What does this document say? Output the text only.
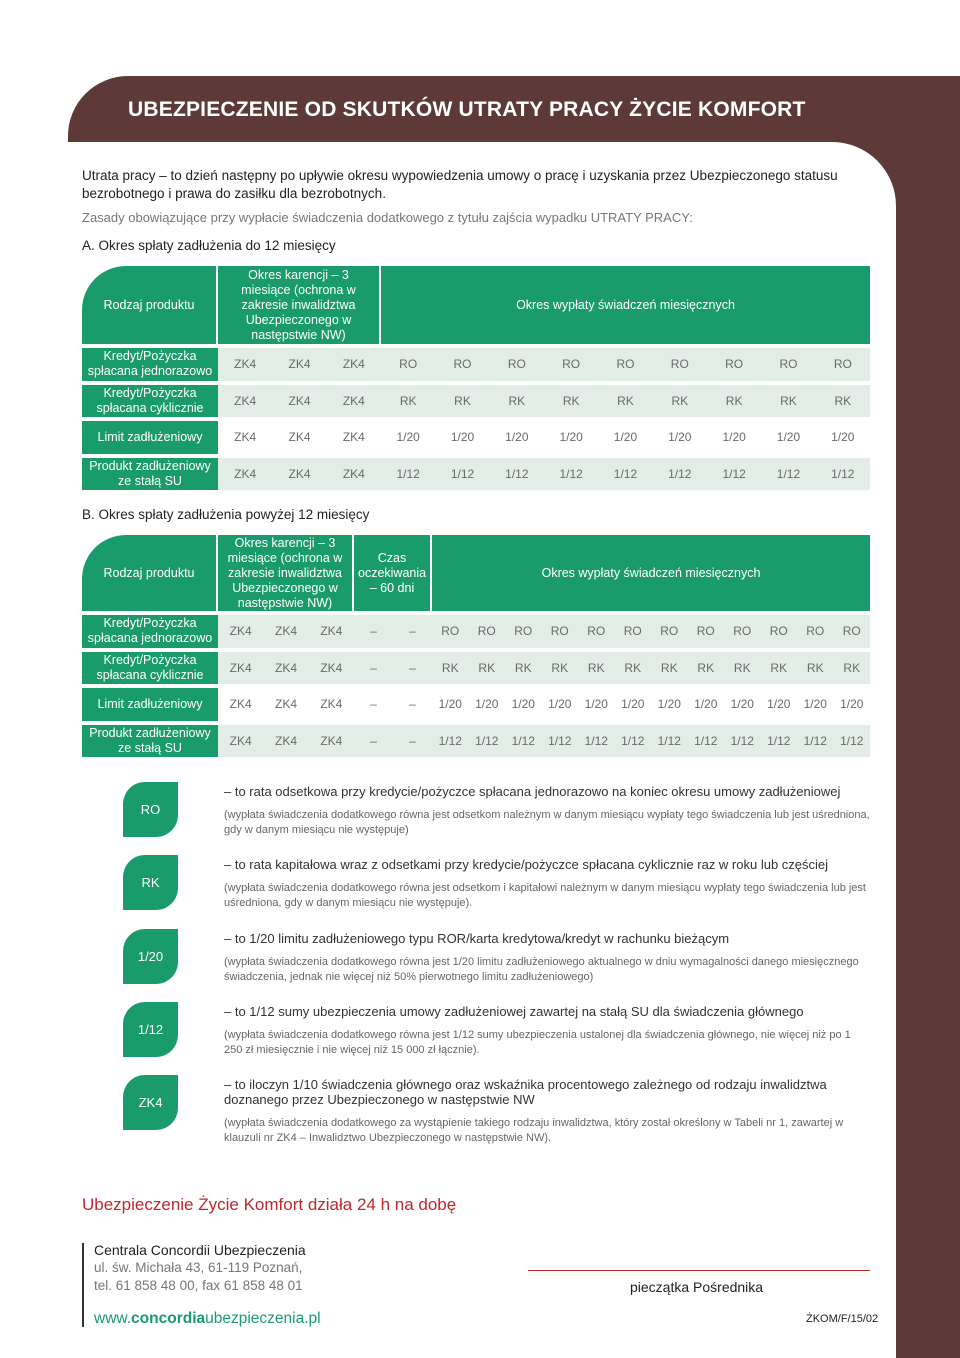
UBEZPIECZENIE OD SKUTKÓW UTRATY PRACY ŻYCIE KOMFORT
Utrata pracy – to dzień następny po upływie okresu wypowiedzenia umowy o pracę i uzyskania przez Ubezpieczonego statusu bezrobotnego i prawa do zasiłku dla bezrobotnych.
Zasady obowiązujące przy wypłacie świadczenia dodatkowego z tytułu zajścia wypadku UTRATY PRACY:
A. Okres spłaty zadłużenia do 12 miesięcy
Rodzaj produktu	Okres karencji – 3 miesiące (ochrona w zakresie inwalidztwa Ubezpieczonego w następstwie NW)			Okres wypłaty świadczeń miesięcznych								
Kredyt/Pożyczka spłacana jednorazowo	ZK4	ZK4	ZK4	RO	RO	RO	RO	RO	RO	RO	RO	RO
Kredyt/Pożyczka spłacana cyklicznie	ZK4	ZK4	ZK4	RK	RK	RK	RK	RK	RK	RK	RK	RK
Limit zadłużeniowy	ZK4	ZK4	ZK4	1/20	1/20	1/20	1/20	1/20	1/20	1/20	1/20	1/20
Produkt zadłużeniowy ze stałą SU	ZK4	ZK4	ZK4	1/12	1/12	1/12	1/12	1/12	1/12	1/12	1/12	1/12
B. Okres spłaty zadłużenia powyżej 12 miesięcy
Rodzaj produktu	Okres karencji – 3 miesiące (ochrona w zakresie inwalidztwa Ubezpieczonego w następstwie NW)			Czas oczekiwania – 60 dni		Okres wypłaty świadczeń miesięcznych											
Kredyt/Pożyczka spłacana jednorazowo	ZK4	ZK4	ZK4	–	–	RO	RO	RO	RO	RO	RO	RO	RO	RO	RO	RO	RO
Kredyt/Pożyczka spłacana cyklicznie	ZK4	ZK4	ZK4	–	–	RK	RK	RK	RK	RK	RK	RK	RK	RK	RK	RK	RK
Limit zadłużeniowy	ZK4	ZK4	ZK4	–	–	1/20	1/20	1/20	1/20	1/20	1/20	1/20	1/20	1/20	1/20	1/20	1/20
Produkt zadłużeniowy ze stałą SU	ZK4	ZK4	ZK4	–	–	1/12	1/12	1/12	1/12	1/12	1/12	1/12	1/12	1/12	1/12	1/12	1/12
RO
– to rata odsetkowa przy kredycie/pożyczce spłacana jednorazowo na koniec okresu umowy zadłużeniowej
(wypłata świadczenia dodatkowego równa jest odsetkom należnym w danym miesiącu wypłaty tego świadczenia lub jest uśredniona, gdy w danym miesiącu nie występuje)
RK
– to rata kapitałowa wraz z odsetkami przy kredycie/pożyczce spłacana cyklicznie raz w roku lub częściej
(wypłata świadczenia dodatkowego równa jest odsetkom i kapitałowi należnym w danym miesiącu wypłaty tego świadczenia lub jest uśredniona, gdy w danym miesiącu nie występuje).
1/20
– to 1/20 limitu zadłużeniowego typu ROR/karta kredytowa/kredyt w rachunku bieżącym
(wypłata świadczenia dodatkowego równa jest 1/20 limitu zadłużeniowego aktualnego w dniu wymagalności danego miesięcznego świadczenia, jednak nie więcej niż 50% pierwotnego limitu zadłużeniowego)
1/12
– to 1/12 sumy ubezpieczenia umowy zadłużeniowej zawartej na stałą SU dla świadczenia głównego
(wypłata świadczenia dodatkowego równa jest 1/12 sumy ubezpieczenia ustalonej dla świadczenia głównego, nie więcej niż po 1 250 zł miesięcznie i nie więcej niż 15 000 zł łącznie).
ZK4
– to iloczyn 1/10 świadczenia głównego oraz wskaźnika procentowego zależnego od rodzaju inwalidztwa doznanego przez Ubezpieczonego w następstwie NW
(wypłata świadczenia dodatkowego za wystąpienie takiego rodzaju inwalidztwa, który został określony w Tabeli nr 1, zawartej w klauzuli nr ZK4 – Inwalidztwo Ubezpieczonego w następstwie NW).
Ubezpieczenie Życie Komfort działa 24 h na dobę
Centrala Concordii Ubezpieczenia
ul. św. Michała 43, 61-119 Poznań,
tel. 61 858 48 00, fax 61 858 48 01
www.concordiaubezpieczenia.pl
pieczątka Pośrednika
ŻKOM/F/15/02
